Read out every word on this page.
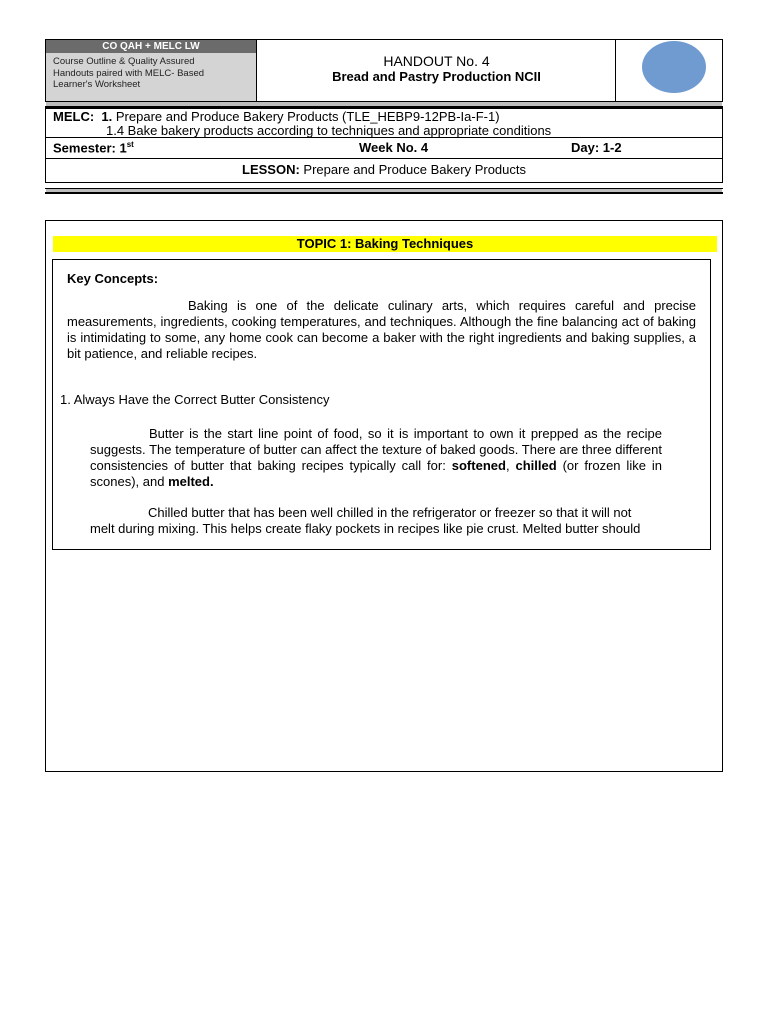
CO QAH + MELC LW
Course Outline & Quality Assured
Handouts paired with MELC- Based
Learner's Worksheet
HANDOUT No. 4
Bread and Pastry Production NCII
MELC: 1. Prepare and Produce Bakery Products (TLE_HEBP9-12PB-Ia-F-1)
1.4 Bake bakery products according to techniques and appropriate conditions
Semester: 1st	Week No. 4	Day: 1-2
LESSON: Prepare and Produce Bakery Products
TOPIC 1: Baking Techniques
Key Concepts:
Baking is one of the delicate culinary arts, which requires careful and precise measurements, ingredients, cooking temperatures, and techniques. Although the fine balancing act of baking is intimidating to some, any home cook can become a baker with the right ingredients and baking supplies, a bit patience, and reliable recipes.
1. Always Have the Correct Butter Consistency
Butter is the start line point of food, so it is important to own it prepped as the recipe suggests. The temperature of butter can affect the texture of baked goods. There are three different consistencies of butter that baking recipes typically call for: softened, chilled (or frozen like in scones), and melted.
Chilled butter that has been well chilled in the refrigerator or freezer so that it will not
melt during mixing. This helps create flaky pockets in recipes like pie crust. Melted butter should
